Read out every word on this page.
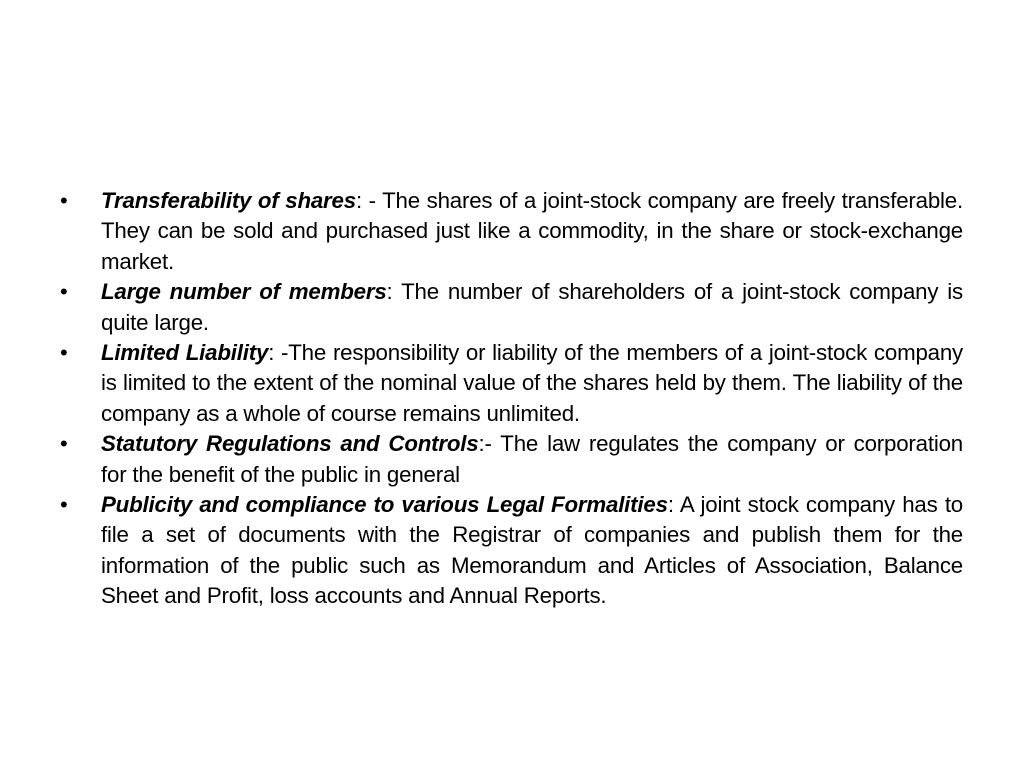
• Transferability of shares: - The shares of a joint-stock company are freely transferable. They can be sold and purchased just like a commodity, in the share or stock-exchange market.
• Large number of members: The number of shareholders of a joint-stock company is quite large.
• Limited Liability: -The responsibility or liability of the members of a joint-stock company is limited to the extent of the nominal value of the shares held by them. The liability of the company as a whole of course remains unlimited.
• Statutory Regulations and Controls:- The law regulates the company or corporation for the benefit of the public in general
• Publicity and compliance to various Legal Formalities: A joint stock company has to file a set of documents with the Registrar of companies and publish them for the information of the public such as Memorandum and Articles of Association, Balance Sheet and Profit, loss accounts and Annual Reports.
